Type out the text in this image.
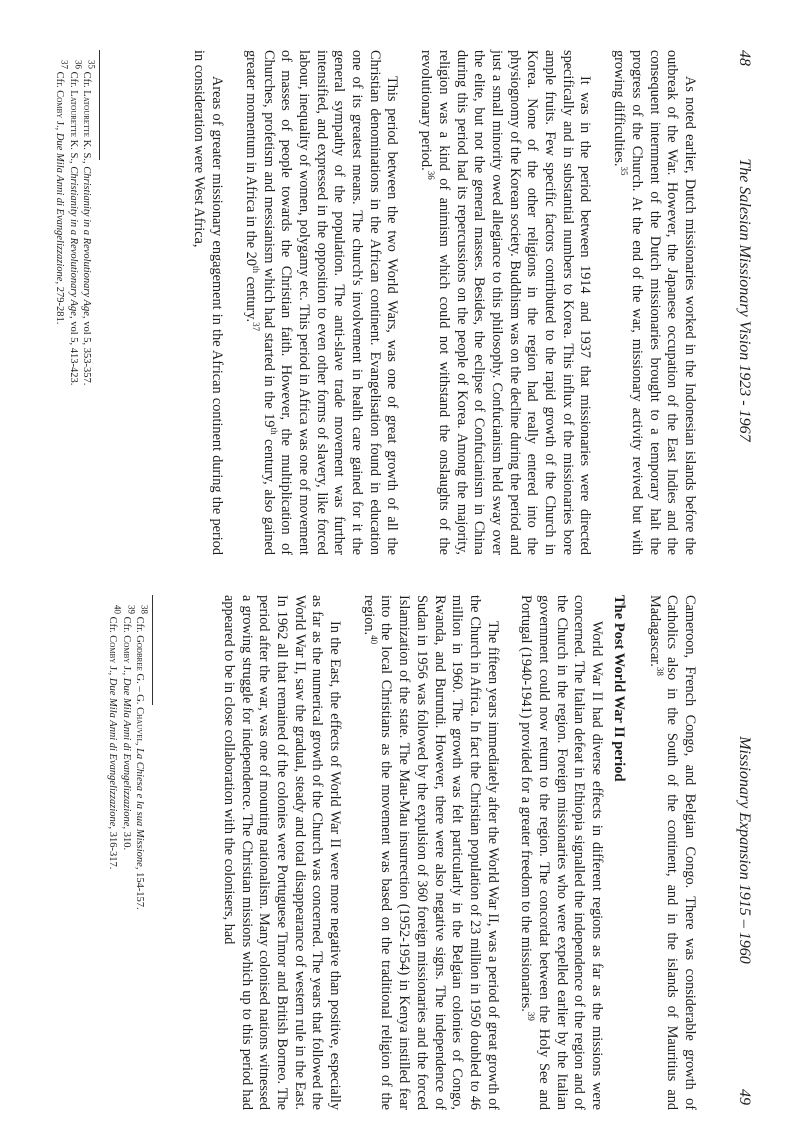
48
The Salesian Missionary Vision 1923 - 1967

As noted earlier, Dutch missionaries worked in the Indonesian islands before the outbreak of the War. However, the Japanese occupation of the East Indies and the consequent internment of the Dutch missionaries brought to a temporary halt the progress of the Church. At the end of the war, missionary activity revived but with growing difficulties.$^{35}$

It was in the period between 1914 and 1937 that missionaries were directed specifically and in substantial numbers to Korea. This influx of the missionaries bore ample fruits. Few specific factors contributed to the rapid growth of the Church in Korea. None of the other religions in the region had really entered into the physiognomy of the Korean society. Buddhism was on the decline during the period and just a small minority owed allegiance to this philosophy. Confucianism held sway over the elite, but not the general masses. Besides, the eclipse of Confucianism in China during this period had its repercussions on the people of Korea. Among the majority, religion was a kind of animism which could not withstand the onslaughts of the revolutionary period.$^{36}$

This period between the two World Wars, was one of great growth of all the Christian denominations in the African continent. Evangelisation found in education one of its greatest means. The church's involvement in health care gained for it the general sympathy of the population. The anti-slave trade movement was further intensified, and expressed in the opposition to even other forms of slavery, like forced labour, inequality of women, polygamy etc. This period in Africa was one of movement of masses of people towards the Christian faith. However, the multiplication of Churches, profetism and messianism which had started in the 19th century, also gained greater momentum in Africa in the 20th century.$^{37}$

Areas of greater missionary engagement in the African continent during the period in consideration were West Africa,

$^{35}$ Cfr. Latourette K. S., Christianity in a Revolutionary Age, vol 5, 353-357.

$^{36}$ Cfr. Latourette K. S., Christianity in a Revolutionary Age, vol 5, 413-423.

$^{37}$ Cfr. Comby J., Due Mila Anni di Evangelizzazione, 279-281.

Missionary Expansion 1915 – 1960
49

Cameroon, French Congo, and Belgian Congo. There was considerable growth of Catholics also in the South of the continent, and in the islands of Mauritius and Madagascar.$^{38}$

The Post World War II period

World War II had diverse effects in different regions as far as the missions were concerned. The Italian defeat in Ethiopia signalled the independence of the region and of the Church in the region. Foreign missionaries who were expelled earlier by the Italian government could now return to the region. The concordat between the Holy See and Portugal (1940-1941) provided for a greater freedom to the missionaries.$^{39}$

The fifteen years immediately after the World War II, was a period of great growth of the Church in Africa. In fact the Christian population of 23 million in 1950 doubled to 46 million in 1960. The growth was felt particularly in the Belgian colonies of Congo, Rwanda, and Burundi. However, there were also negative signs. The independence of Sudan in 1956 was followed by the expulsion of 360 foreign missionaries and the forced Islamization of the state. The Mau-Mau insurrection (1952-1954) in Kenya instilled fear into the local Christians as the movement was based on the traditional religion of the region.$^{40}$

In the East, the effects of World War II were more negative than positive, especially as far as the numerical growth of the Church was concerned. The years that followed the World War II, saw the gradual, steady and total disappearance of western rule in the East. In 1962 all that remained of the colonies were Portuguese Timor and British Borneo. The period after the war, was one of mounting nationalism. Many colonised nations witnessed a growing struggle for independence. The Christian missions which up to this period had appeared to be in close collaboration with the colonisers, had

$^{38}$ Cfr. Godbree G. – G. Chauvel, La Chiesa e la sua Missione, 154-157.

$^{39}$ Cfr. Comby J., Due Mila Anni di Evangelizzazione, 310.

$^{40}$ Cfr. Comby J., Due Mila Anni di Evangelizzazione, 316-317.
